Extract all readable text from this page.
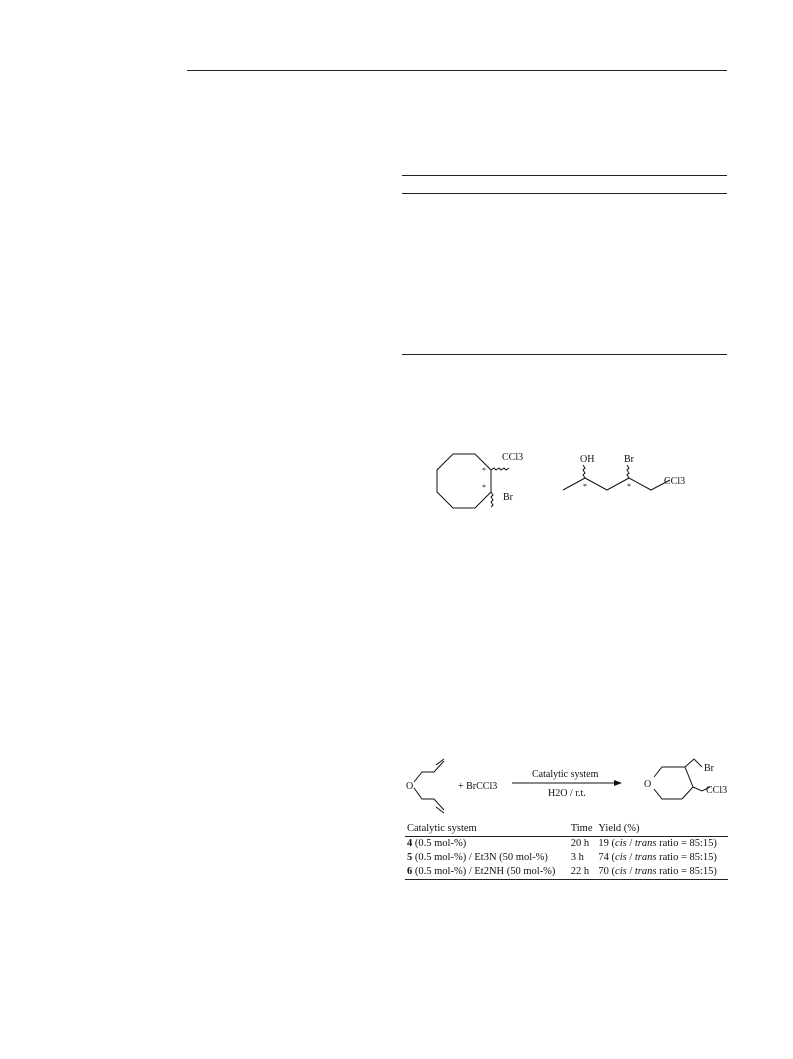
CCl3
Br
*
*
OH	Br
CCl3
*	*
O	+ BrCCl3
Catalytic system
H2O / r.t.
O
Br
CCl3
Catalytic system	Time	Yield (%)
4 (0.5 mol-%)	20 h	19 (cis / trans ratio = 85:15)
5 (0.5 mol-%) / Et3N (50 mol-%)	3 h	74 (cis / trans ratio = 85:15)
6 (0.5 mol-%) / Et2NH (50 mol-%)	22 h	70 (cis / trans ratio = 85:15)
